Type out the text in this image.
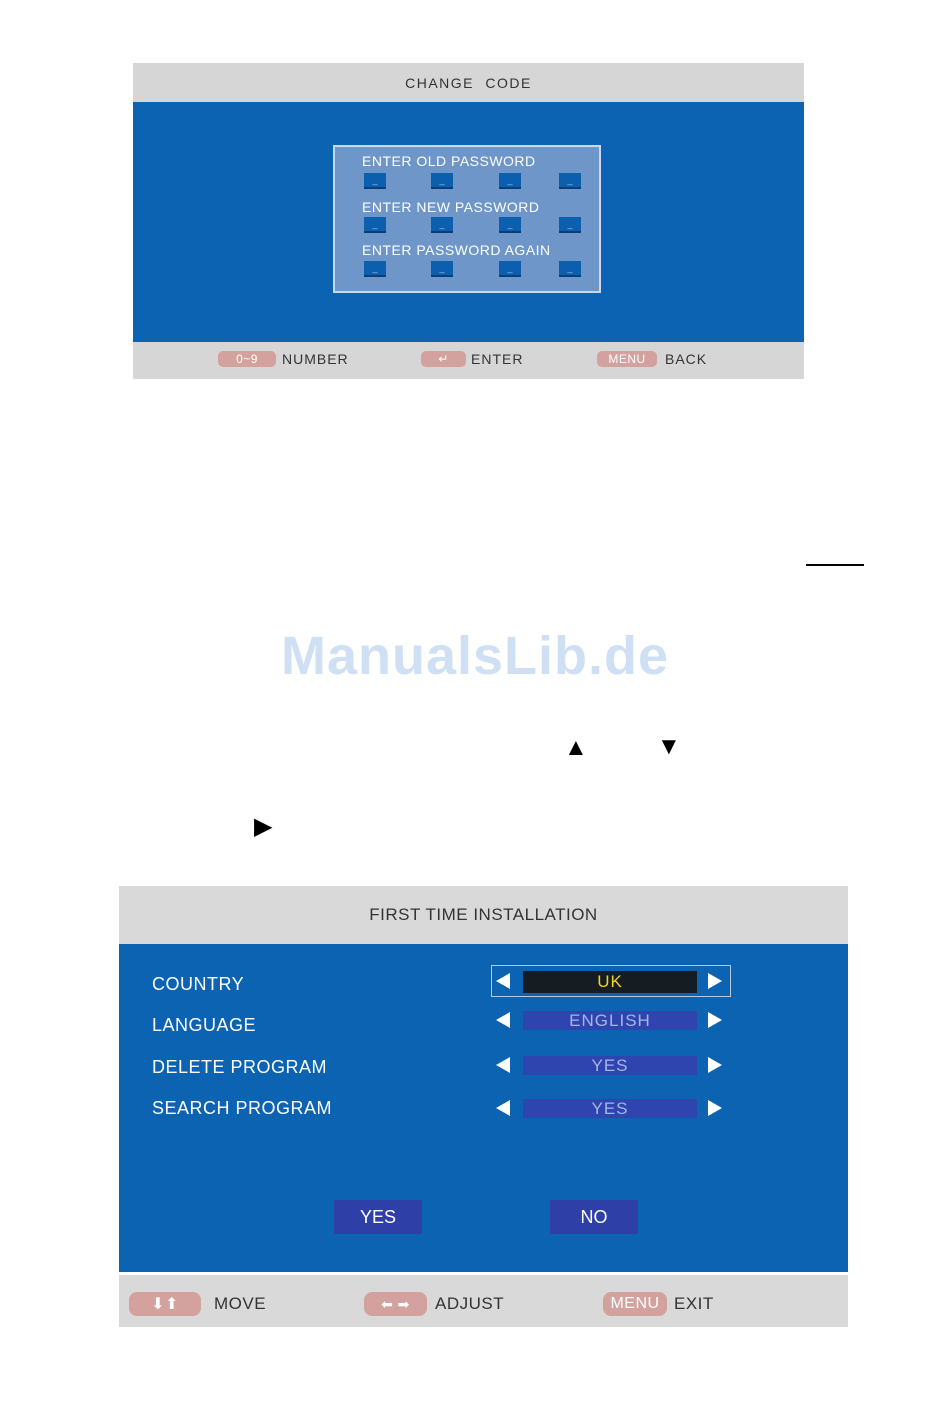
CHANGE CODE
ENTER OLD PASSWORD
_	_	_	_
ENTER NEW PASSWORD
_	_	_	_
ENTER PASSWORD AGAIN
_	_	_	_
0~9	NUMBER	↵	ENTER	MENU	BACK
ManualsLib.de
▲	▼
▶
FIRST TIME INSTALLATION
COUNTRY	UK
LANGUAGE	ENGLISH
DELETE PROGRAM	YES
SEARCH PROGRAM	YES
YES	NO
⬇⬆	MOVE	⬅ ➡	ADJUST	MENU EXIT
